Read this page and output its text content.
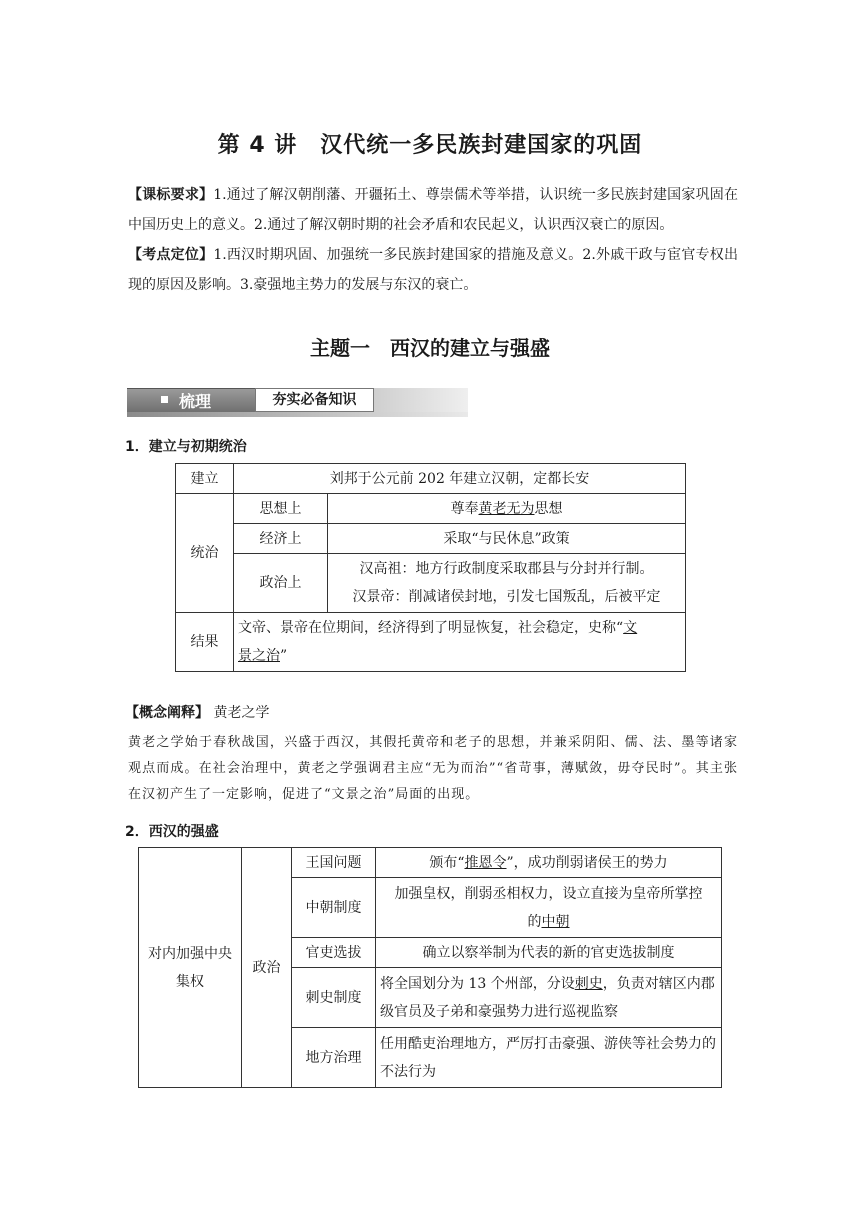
第 4 讲　汉代统一多民族封建国家的巩固
【课标要求】1.通过了解汉朝削藩、开疆拓土、尊崇儒术等举措，认识统一多民族封建国家巩固在中国历史上的意义。2.通过了解汉朝时期的社会矛盾和农民起义，认识西汉衰亡的原因。
【考点定位】1.西汉时期巩固、加强统一多民族封建国家的措施及意义。2.外戚干政与宦官专权出现的原因及影响。3.豪强地主势力的发展与东汉的衰亡。
主题一　西汉的建立与强盛
梳理	夯实必备知识
1．建立与初期统治
建立	刘邦于公元前 202 年建立汉朝，定都长安	
统治	思想上	尊奉黄老无为思想
	经济上	采取“与民休息”政策
	政治上	汉高祖：地方行政制度采取郡县与分封并行制。
汉景帝：削减诸侯封地，引发七国叛乱，后被平定

结果	文帝、景帝在位期间，经济得到了明显恢复，社会稳定，史称“文
景之治”	
【概念阐释】 黄老之学
黄老之学始于春秋战国，兴盛于西汉，其假托黄帝和老子的思想，并兼采阴阳、儒、法、墨等诸家观点而成。在社会治理中，黄老之学强调君主应“无为而治”“省苛事，薄赋敛，毋夺民时”。其主张在汉初产生了一定影响，促进了“文景之治”局面的出现。
2．西汉的强盛
对内加强中央集权	政治	王国问题	颁布“推恩令”，成功削弱诸侯王的势力
		中朝制度	加强皇权，削弱丞相权力，设立直接为皇帝所掌控
的中朝

		官吏选拔	确立以察举制为代表的新的官吏选拔制度
		刺史制度	将全国划分为 13 个州部，分设刺史，负责对辖区内郡级官员及子弟和豪强势力进行巡视监察
		地方治理	任用酷吏治理地方，严厉打击豪强、游侠等社会势力的不法行为
